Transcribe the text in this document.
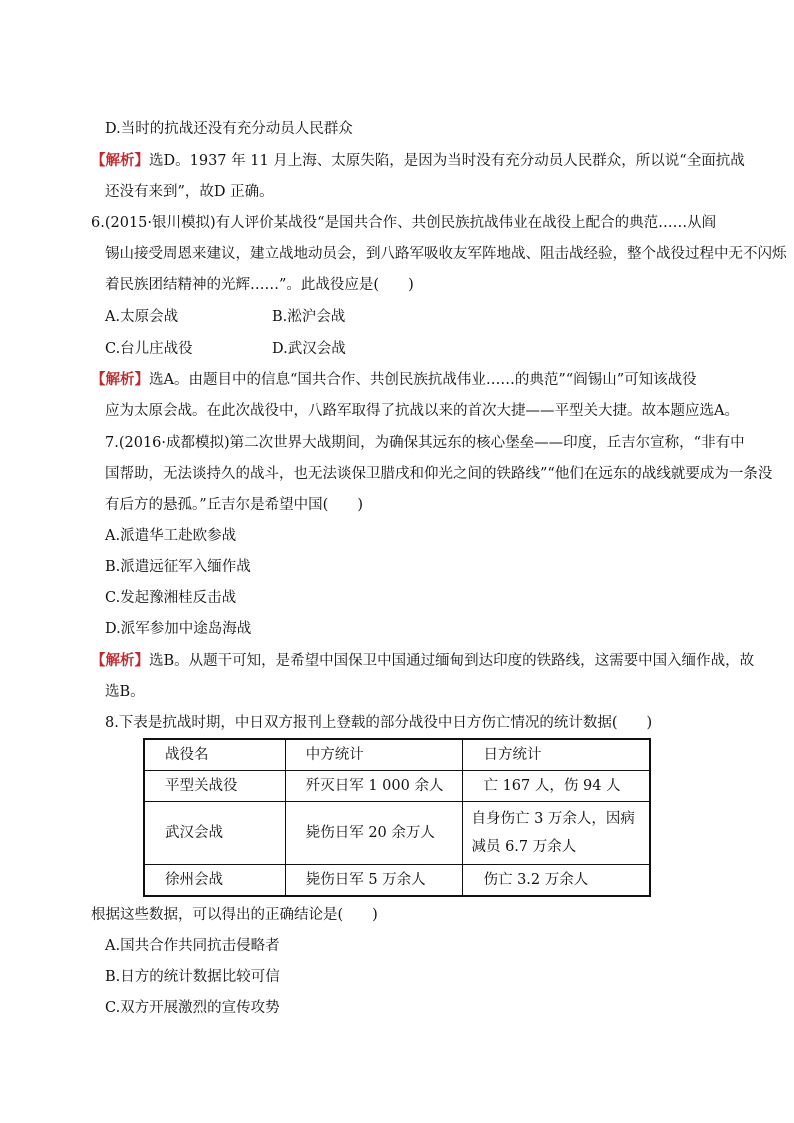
D.当时的抗战还没有充分动员人民群众
【解析】选D。1937 年 11 月上海、太原失陷，是因为当时没有充分动员人民群众，所以说“全面抗战
还没有来到”，故D 正确。
6.(2015·银川模拟)有人评价某战役“是国共合作、共创民族抗战伟业在战役上配合的典范……从阎
锡山接受周恩来建议，建立战地动员会，到八路军吸收友军阵地战、阻击战经验，整个战役过程中无不闪烁
着民族团结精神的光辉……”。此战役应是(　　)
A.太原会战	B.淞沪会战
C.台儿庄战役	D.武汉会战
【解析】选A。由题目中的信息“国共合作、共创民族抗战伟业……的典范”“阎锡山”可知该战役
应为太原会战。在此次战役中，八路军取得了抗战以来的首次大捷——平型关大捷。故本题应选A。
7.(2016·成都模拟)第二次世界大战期间，为确保其远东的核心堡垒——印度，丘吉尔宣称，“非有中
国帮助，无法谈持久的战斗，也无法谈保卫腊戌和仰光之间的铁路线”“他们在远东的战线就要成为一条没
有后方的悬孤。”丘吉尔是希望中国(　　)
A.派遣华工赴欧参战
B.派遣远征军入缅作战
C.发起豫湘桂反击战
D.派军参加中途岛海战
【解析】选B。从题干可知，是希望中国保卫中国通过缅甸到达印度的铁路线，这需要中国入缅作战，故
选B。
8.下表是抗战时期，中日双方报刊上登载的部分战役中日方伤亡情况的统计数据(　　)
战役名	中方统计	日方统计
平型关战役	歼灭日军 1 000 余人	亡 167 人，伤 94 人
武汉会战	毙伤日军 20 余万人	自身伤亡 3 万余人，因病减员 6.7 万余人

徐州会战	毙伤日军 5 万余人	伤亡 3.2 万余人
根据这些数据，可以得出的正确结论是(　　)
A.国共合作共同抗击侵略者
B.日方的统计数据比较可信
C.双方开展激烈的宣传攻势
